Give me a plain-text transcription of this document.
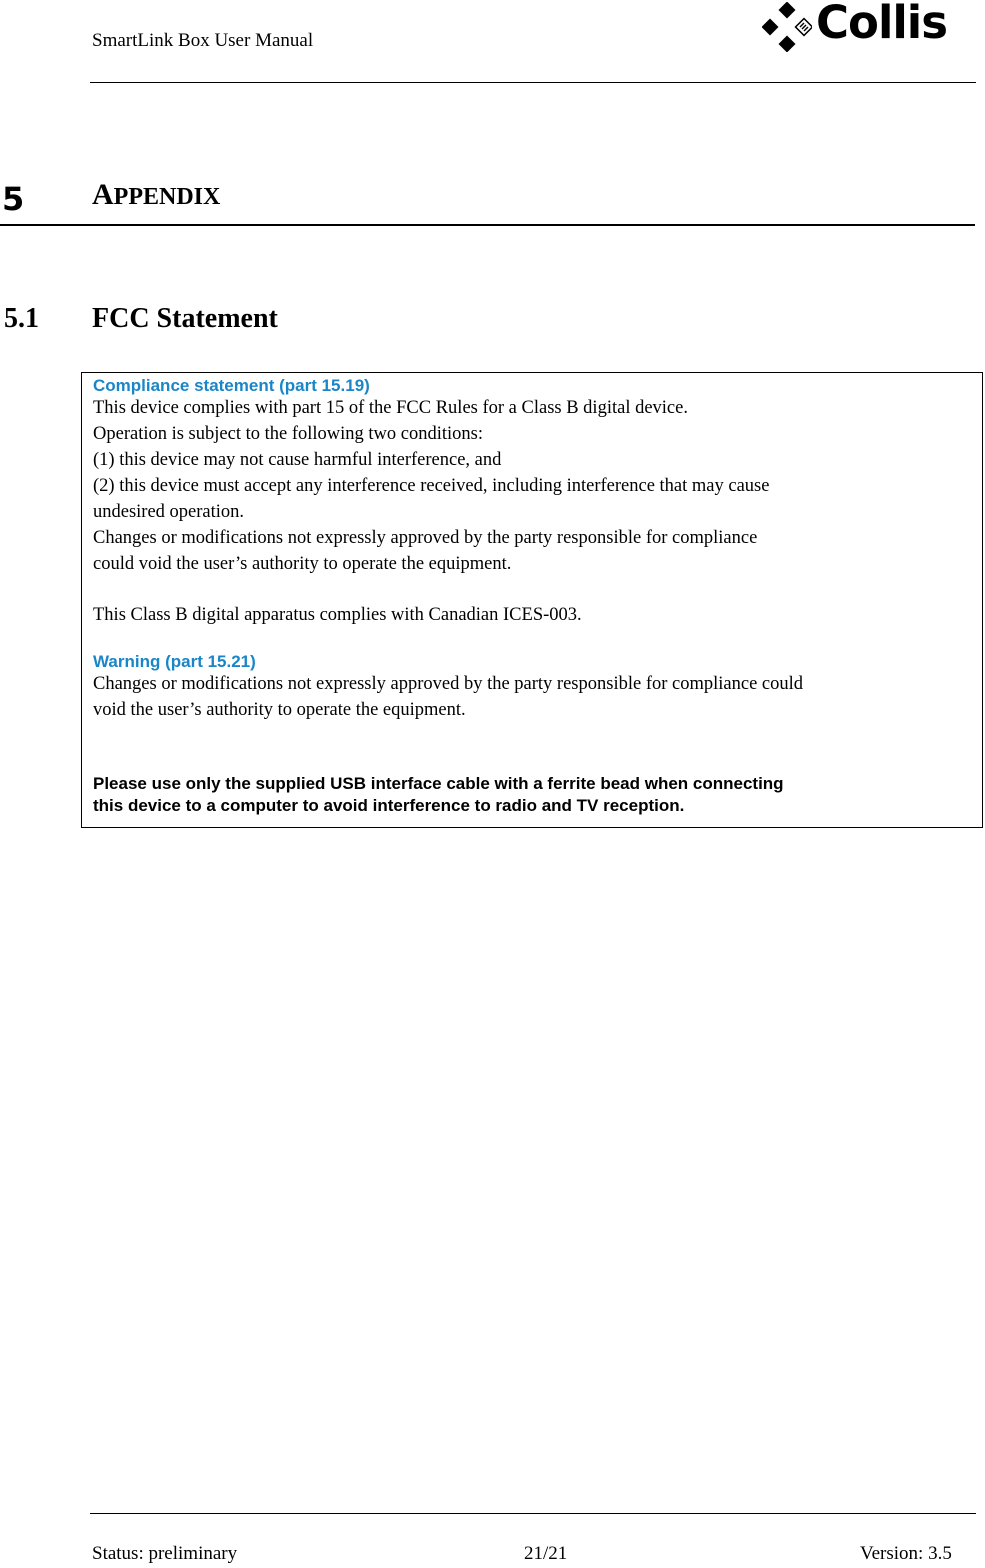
SmartLink Box User Manual	Collis
5 APPENDIX
5.1 FCC Statement

Compliance statement (part 15.19)

This device complies with part 15 of the FCC Rules for a Class B digital device.

Operation is subject to the following two conditions:

(1) this device may not cause harmful interference, and

(2) this device must accept any interference received, including interference that may cause

undesired operation.

Changes or modifications not expressly approved by the party responsible for compliance

could void the user’s authority to operate the equipment.

This Class B digital apparatus complies with Canadian ICES-003.

Warning (part 15.21)

Changes or modifications not expressly approved by the party responsible for compliance could

void the user’s authority to operate the equipment.

Please use only the supplied USB interface cable with a ferrite bead when connecting

this device to a computer to avoid interference to radio and TV reception.

Status: preliminary	21/21	Version: 3.5
